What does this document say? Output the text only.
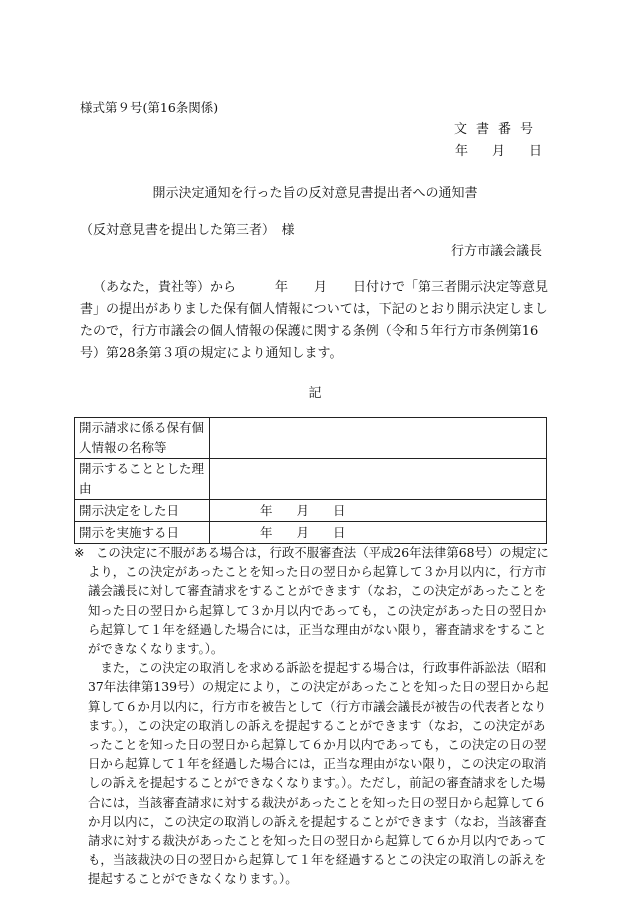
様式第９号(第16条関係)
文書番号
年 月 日
開示決定通知を行った旨の反対意見書提出者への通知書
（反対意見書を提出した第三者）　様
行方市議会議長

（あなた，貴社等）から　　　年　　月　　日付けで「第三者開示決定等意見書」の提出がありました保有個人情報については，下記のとおり開示決定しましたので，行方市議会の個人情報の保護に関する条例（令和５年行方市条例第16号）第28条第３項の規定により通知します。

記
開示請求に係る保有個人情報の名称等	
開示することとした理由	
開示決定をした日	年 月 日
開示を実施する日	年 月 日

※ この決定に不服がある場合は，行政不服審査法（平成26年法律第68号）の規定により，この決定があったことを知った日の翌日から起算して３か月以内に，行方市議会議長に対して審査請求をすることができます（なお，この決定があったことを知った日の翌日から起算して３か月以内であっても，この決定があった日の翌日から起算して１年を経過した場合には，正当な理由がない限り，審査請求をすることができなくなります。）。

また，この決定の取消しを求める訴訟を提起する場合は，行政事件訴訟法（昭和37年法律第139号）の規定により，この決定があったことを知った日の翌日から起算して６か月以内に，行方市を被告として（行方市議会議長が被告の代表者となります。），この決定の取消しの訴えを提起することができます（なお，この決定があったことを知った日の翌日から起算して６か月以内であっても，この決定の日の翌日から起算して１年を経過した場合には，正当な理由がない限り，この決定の取消しの訴えを提起することができなくなります。）。ただし，前記の審査請求をした場合には，当該審査請求に対する裁決があったことを知った日の翌日から起算して６か月以内に，この決定の取消しの訴えを提起することができます（なお，当該審査請求に対する裁決があったことを知った日の翌日から起算して６か月以内であっても，当該裁決の日の翌日から起算して１年を経過するとこの決定の取消しの訴えを提起することができなくなります。）。
